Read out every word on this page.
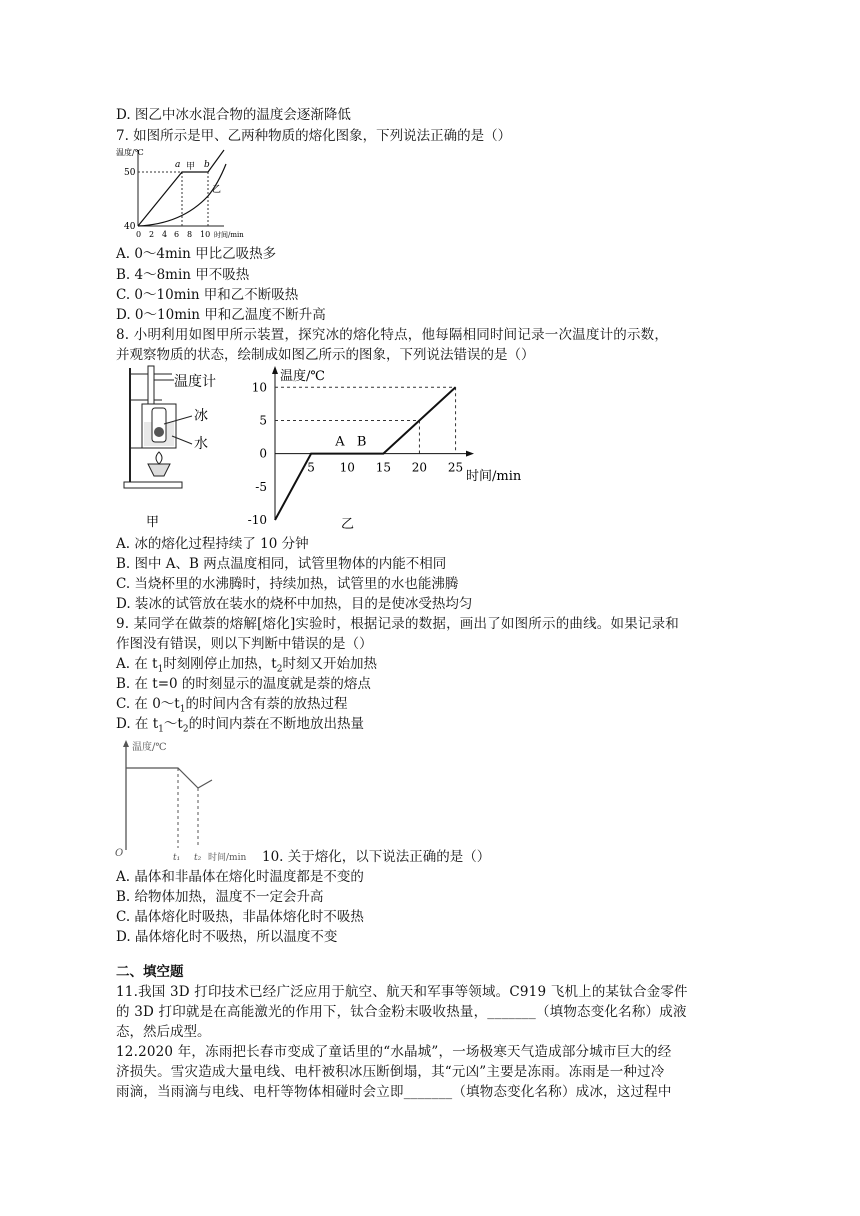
D. 图乙中冰水混合物的温度会逐渐降低
7. 如图所示是甲、乙两种物质的熔化图象，下列说法正确的是（）
温度/℃
50
40
a 甲 b
乙
0 2 4 6 8 10 时间/min
A. 0～4min 甲比乙吸热多
B. 4～8min 甲不吸热
C. 0～10min 甲和乙不断吸热
D. 0～10min 甲和乙温度不断升高
8. 小明利用如图甲所示装置，探究冰的熔化特点，他每隔相同时间记录一次温度计的示数，
并观察物质的状态，绘制成如图乙所示的图象，下列说法错误的是（）
温度计
冰
水
甲
10
5
0
-5
-10
5 10 15 20 25
A B
温度/℃
时间/min
乙
A. 冰的熔化过程持续了 10 分钟
B. 图中 A、B 两点温度相同，试管里物体的内能不相同
C. 当烧杯里的水沸腾时，持续加热，试管里的水也能沸腾
D. 装冰的试管放在装水的烧杯中加热，目的是使冰受热均匀
9. 某同学在做萘的熔解[熔化]实验时，根据记录的数据，画出了如图所示的曲线。如果记录和
作图没有错误，则以下判断中错误的是（）
A. 在 $t_1$时刻刚停止加热，$t_2$时刻又开始加热
B. 在 t=0 的时刻显示的温度就是萘的熔点
C. 在 $0\sim t_1$的时间内含有萘的放热过程
D. 在 $t_1\sim t_2$的时间内萘在不断地放出热量
温度/℃
O	t₁ t₂ 时间/min 10. 关于熔化，以下说法正确的是（）
A. 晶体和非晶体在熔化时温度都是不变的
B. 给物体加热，温度不一定会升高
C. 晶体熔化时吸热，非晶体熔化时不吸热
D. 晶体熔化时不吸热，所以温度不变
二、填空题
11.我国 3D 打印技术已经广泛应用于航空、航天和军事等领域。C919 飞机上的某钛合金零件
的 3D 打印就是在高能激光的作用下，钛合金粉末吸收热量，_______（填物态变化名称）成液
态，然后成型。
12.2020 年，冻雨把长春市变成了童话里的“水晶城”，一场极寒天气造成部分城市巨大的经
济损失。雪灾造成大量电线、电杆被积冰压断倒塌，其“元凶”主要是冻雨。冻雨是一种过冷
雨滴，当雨滴与电线、电杆等物体相碰时会立即_______（填物态变化名称）成冰，这过程中
